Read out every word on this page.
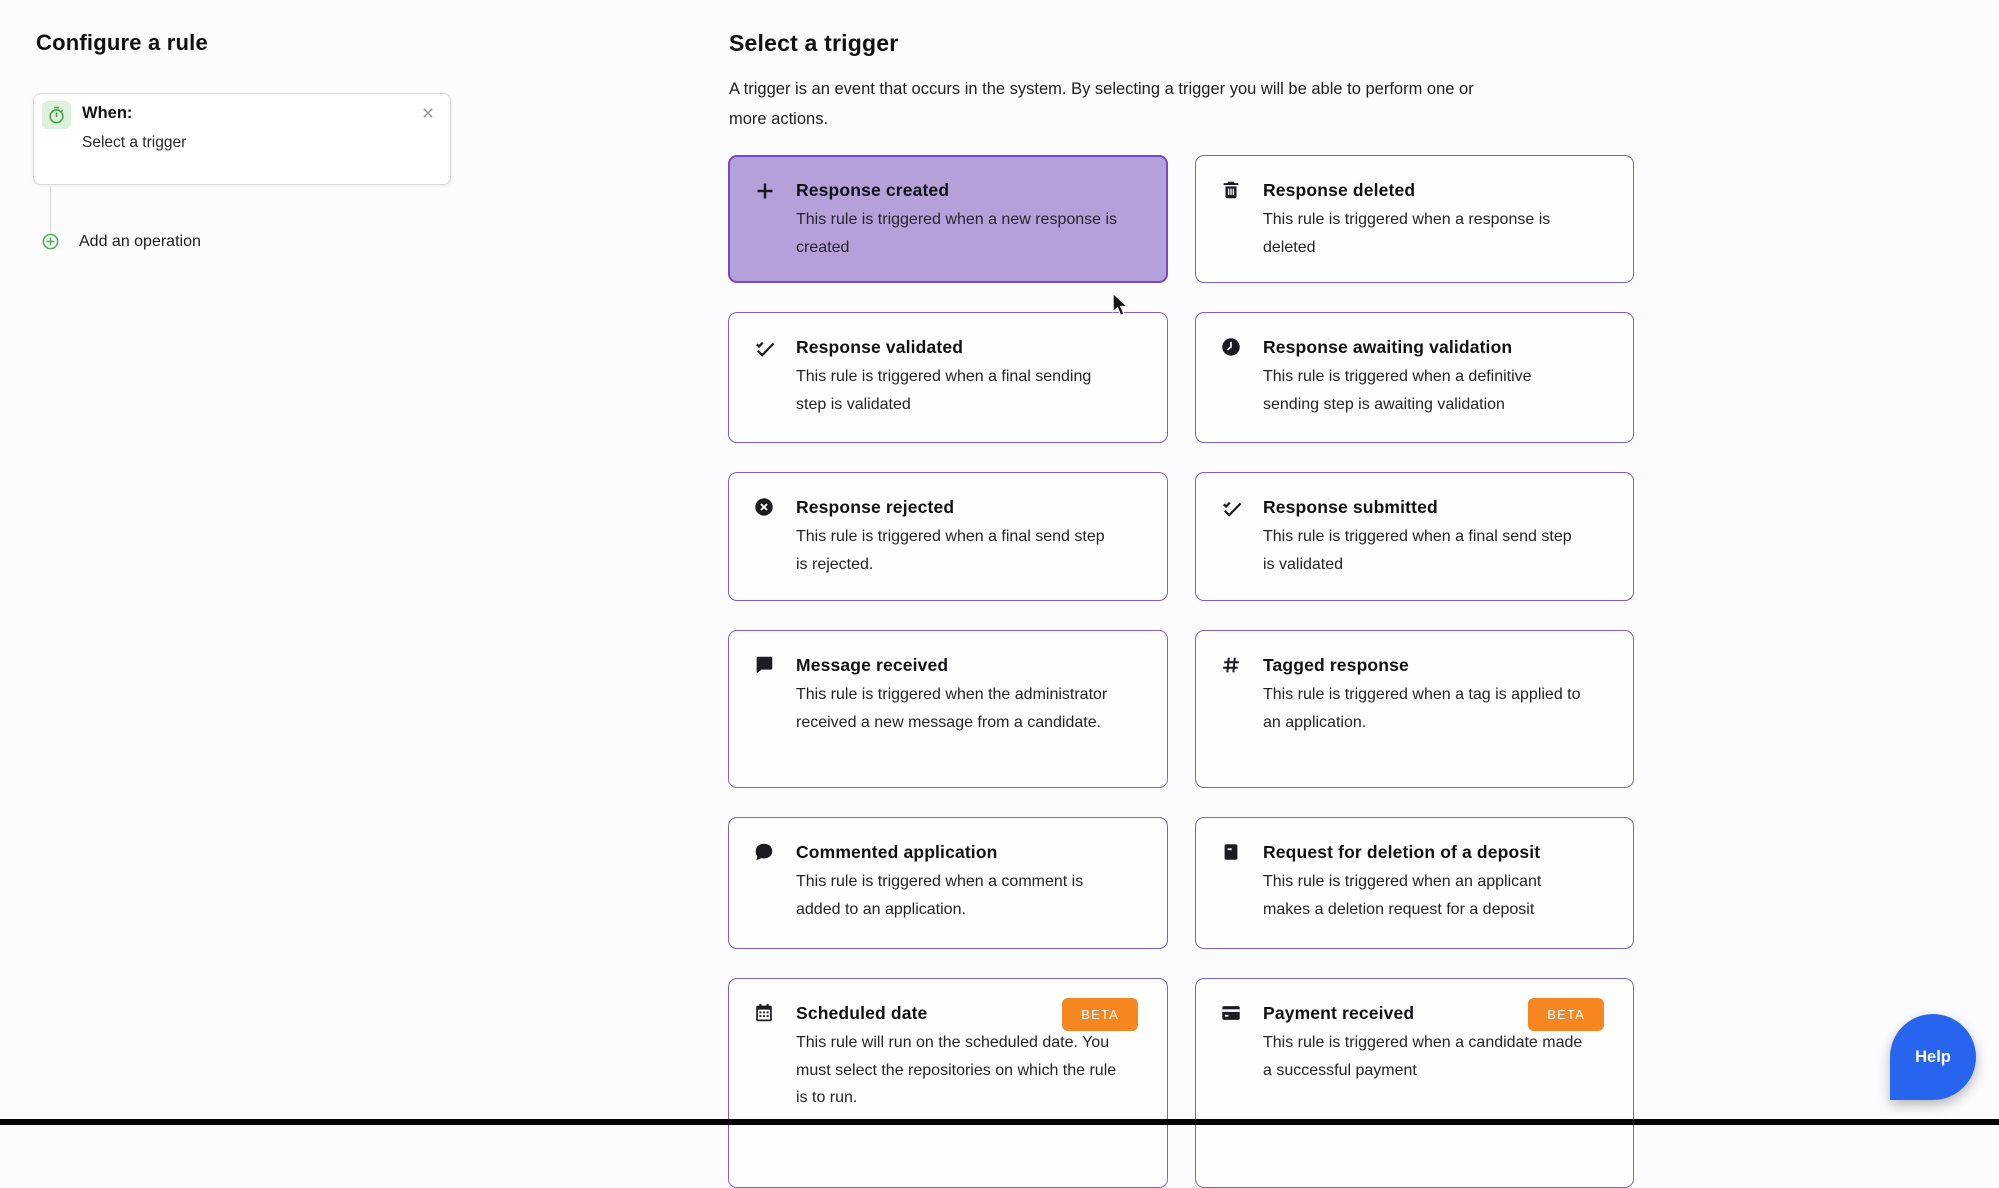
Configure a rule
When:
Select a trigger
Add an operation
Select a trigger

A trigger is an event that occurs in the system. By selecting a trigger you will be able to perform one or more actions.

Response created
This rule is triggered when a new response is created
Response deleted
This rule is triggered when a response is deleted
Response validated
This rule is triggered when a final sending step is validated
Response awaiting validation
This rule is triggered when a definitive sending step is awaiting validation
Response rejected
This rule is triggered when a final send step is rejected.
Response submitted
This rule is triggered when a final send step is validated
Message received
This rule is triggered when the administrator received a new message from a candidate.
Tagged response
This rule is triggered when a tag is applied to an application.
Commented application
This rule is triggered when a comment is added to an application.
Request for deletion of a deposit
This rule is triggered when an applicant makes a deletion request for a deposit
BETA
Scheduled date
This rule will run on the scheduled date. You must select the repositories on which the rule is to run.
BETA
Payment received
This rule is triggered when a candidate made a successful payment
Help
